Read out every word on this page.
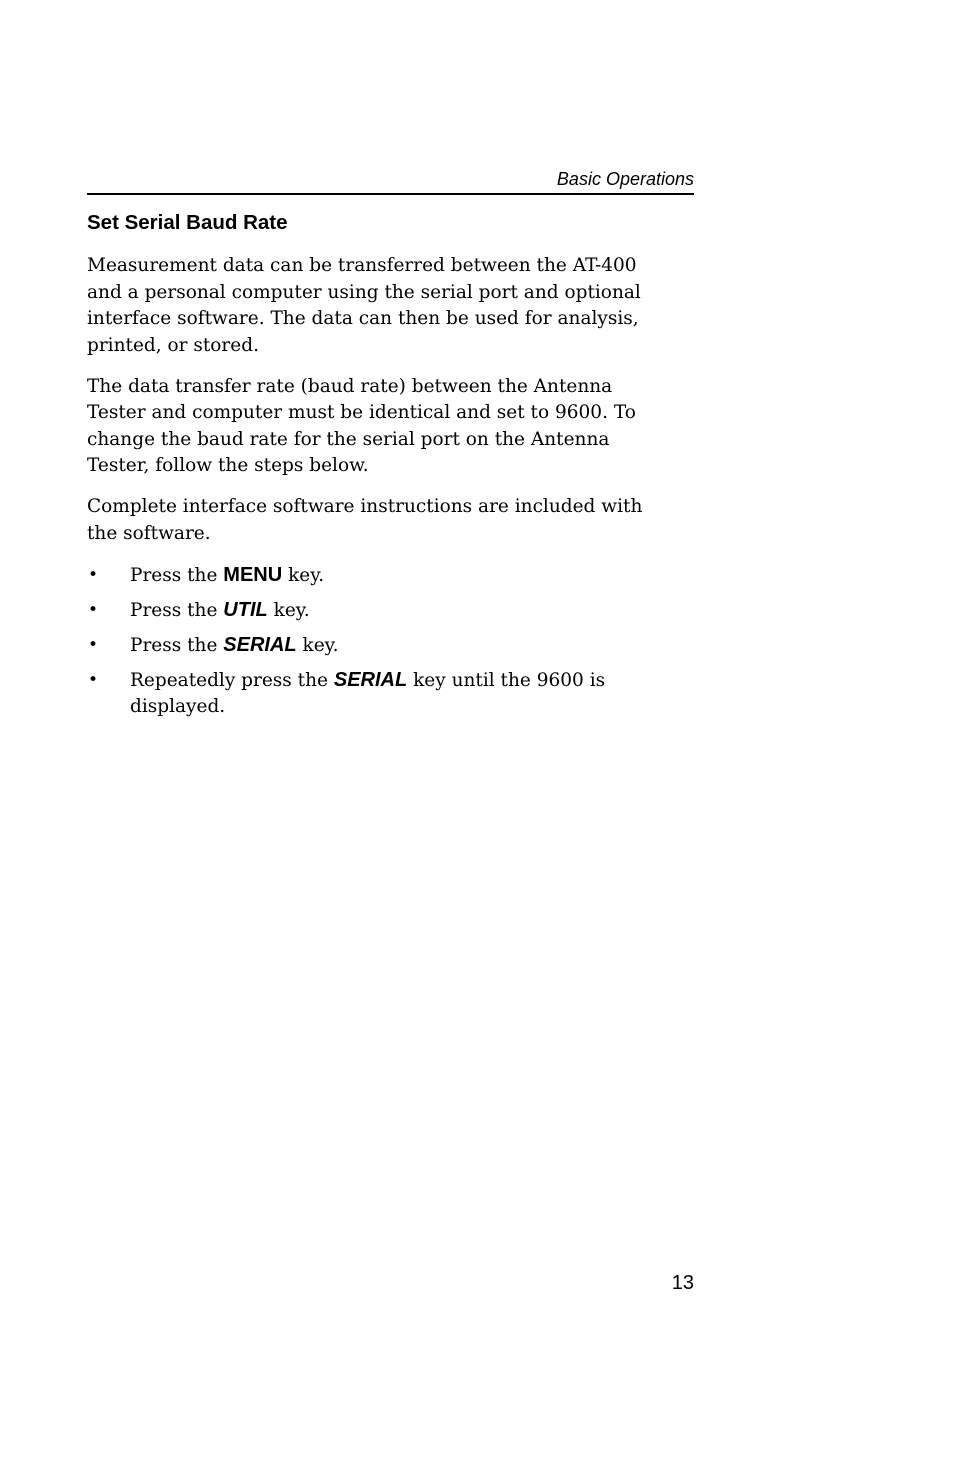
Basic Operations
Set Serial Baud Rate

Measurement data can be transferred between the AT-400
and a personal computer using the serial port and optional
interface software. The data can then be used for analysis,
printed, or stored.

The data transfer rate (baud rate) between the Antenna
Tester and computer must be identical and set to 9600. To
change the baud rate for the serial port on the Antenna
Tester, follow the steps below.

Complete interface software instructions are included with
the software.

• Press the MENU key.
• Press the UTIL key.
• Press the SERIAL key.
• Repeatedly press the SERIAL key until the 9600 is
displayed.
13
